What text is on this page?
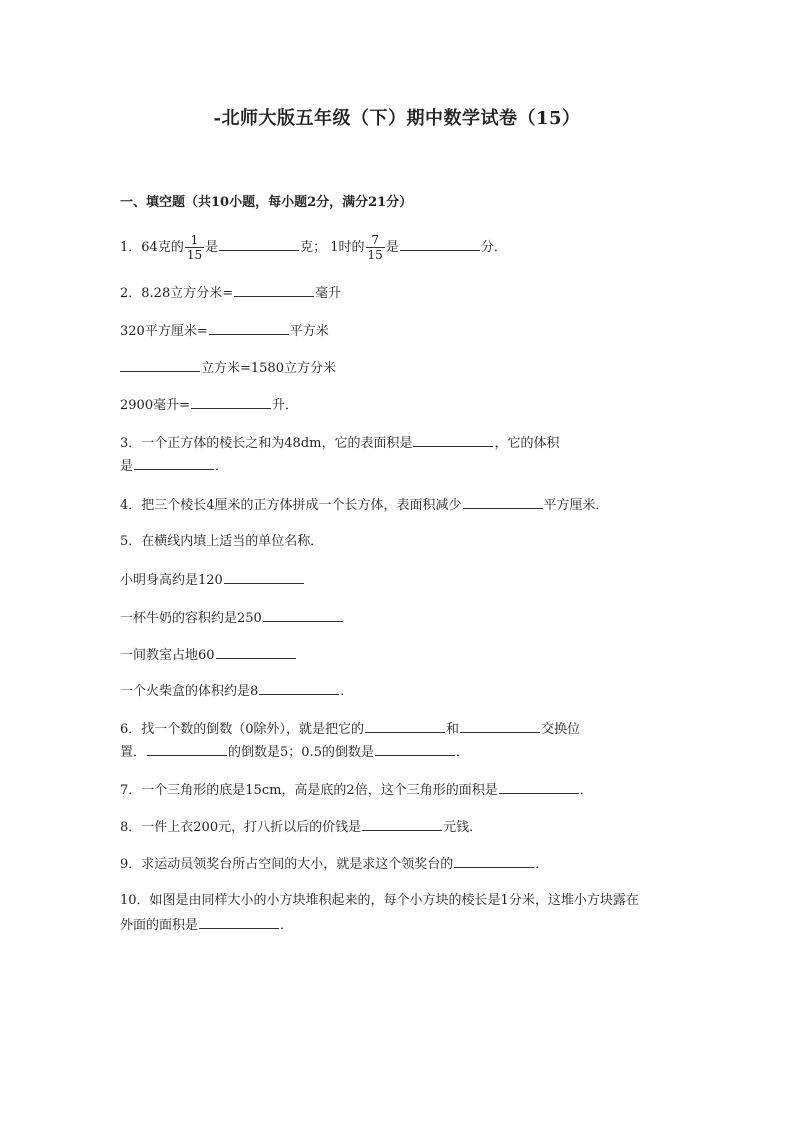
-北师大版五年级（下）期中数学试卷（15）
一、填空题（共10小题，每小题2分，满分21分）
1．64克的 $\frac{1}{15}$ 是	克； 1时的 $\frac{7}{15}$ 是	分．
2．8.28立方分米=	毫升
320平方厘米=	平方米
立方米=1580立方分米
2900毫升=	升．
3．一个正方体的棱长之和为48dm，它的表面积是	，它的体积
是	．
4．把三个棱长4厘米的正方体拼成一个长方体，表面积减少	平方厘米．
5．在横线内填上适当的单位名称．
小明身高约是120
一杯牛奶的容积约是250
一间教室占地60
一个火柴盒的体积约是8	．
6．找一个数的倒数（0除外），就是把它的	和	交换位
置．	的倒数是5；0.5的倒数是	．
7．一个三角形的底是15cm，高是底的2倍，这个三角形的面积是	．
8．一件上衣200元，打八折以后的价钱是	元钱．
9．求运动员领奖台所占空间的大小，就是求这个领奖台的	．
10．如图是由同样大小的小方块堆积起来的，每个小方块的棱长是1分米，这堆小方块露在
外面的面积是	．
